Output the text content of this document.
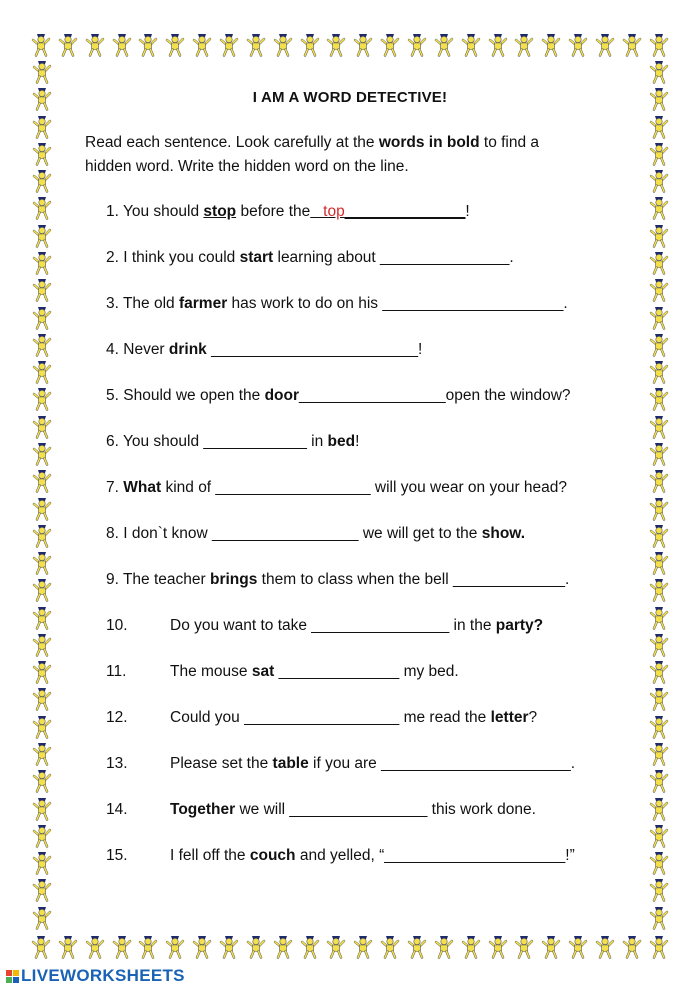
I AM A WORD DETECTIVE!
Read each sentence. Look carefully at the words in bold to find a
hidden word. Write the hidden word on the line.
1. You should stop before the top______________!
2. I think you could start learning about _______________.
3. The old farmer has work to do on his _____________________.
4. Never drink ________________________!
5. Should we open the door_________________open the window?
6. You should ____________ in bed!
7. What kind of __________________ will you wear on your head?
8. I don`t know _________________ we will get to the show.
9. The teacher brings them to class when the bell _____________.
10.	Do you want to take ________________ in the party?
11.	The mouse sat ______________ my bed.
12.	Could you __________________ me read the letter?
13.	Please set the table if you are ______________________.
14.	Together we will ________________ this work done.
15.	I fell off the couch and yelled, “_____________________!”
LIVEWORKSHEETS
